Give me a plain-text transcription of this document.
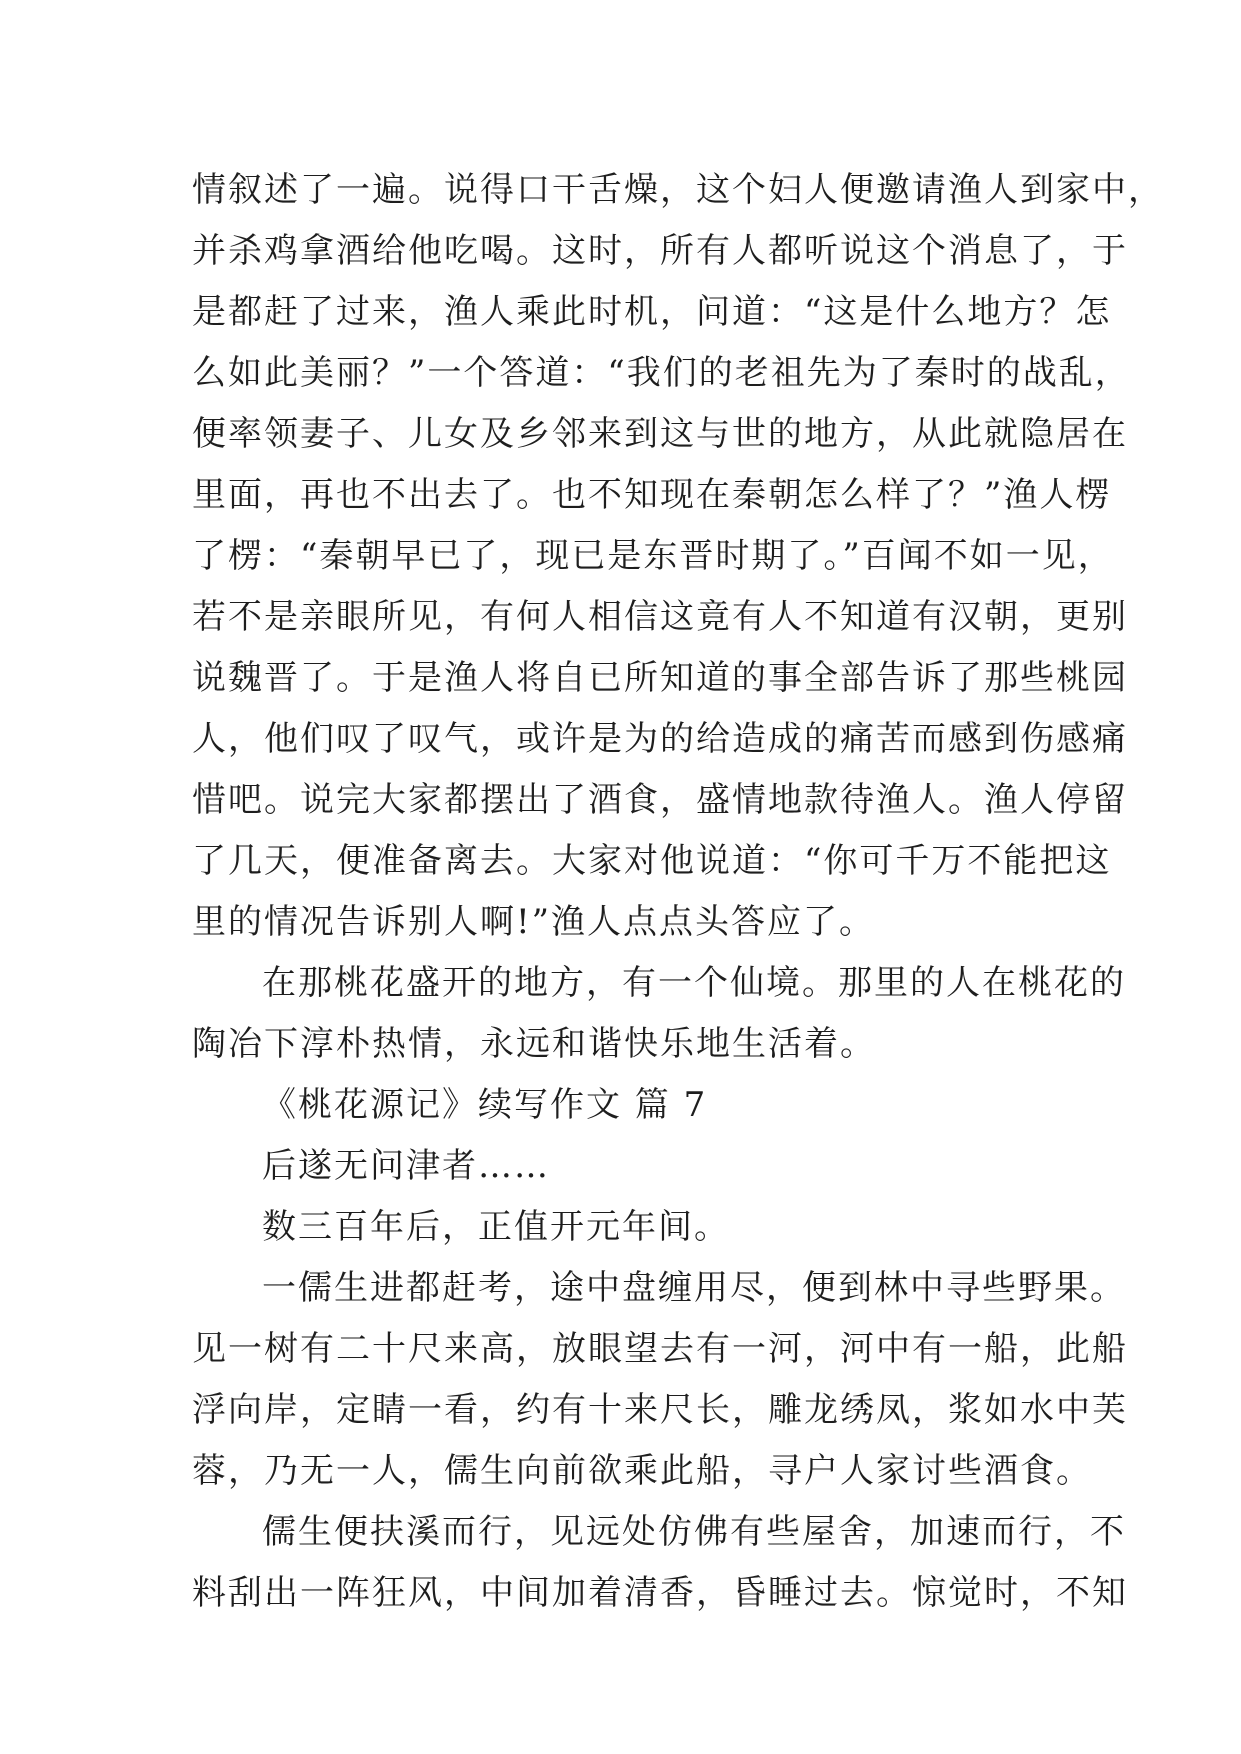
情叙述了一遍。说得口干舌燥，这个妇人便邀请渔人到家中，
并杀鸡拿酒给他吃喝。这时，所有人都听说这个消息了，于
是都赶了过来，渔人乘此时机，问道：“这是什么地方？怎
么如此美丽？”一个答道：“我们的老祖先为了秦时的战乱，
便率领妻子、儿女及乡邻来到这与世的地方，从此就隐居在
里面，再也不出去了。也不知现在秦朝怎么样了？”渔人楞
了楞：“秦朝早已了，现已是东晋时期了。”百闻不如一见，
若不是亲眼所见，有何人相信这竟有人不知道有汉朝，更别
说魏晋了。于是渔人将自已所知道的事全部告诉了那些桃园
人，他们叹了叹气，或许是为的给造成的痛苦而感到伤感痛
惜吧。说完大家都摆出了酒食，盛情地款待渔人。渔人停留
了几天，便准备离去。大家对他说道：“你可千万不能把这
里的情况告诉别人啊!”渔人点点头答应了。
在那桃花盛开的地方，有一个仙境。那里的人在桃花的
陶冶下淳朴热情，永远和谐快乐地生活着。
《桃花源记》续写作文 篇 7
后遂无问津者……
数三百年后，正值开元年间。
一儒生进都赶考，途中盘缠用尽，便到林中寻些野果。
见一树有二十尺来高，放眼望去有一河，河中有一船，此船
浮向岸，定睛一看，约有十来尺长，雕龙绣凤，浆如水中芙
蓉，乃无一人，儒生向前欲乘此船，寻户人家讨些酒食。
儒生便扶溪而行，见远处仿佛有些屋舍，加速而行，不
料刮出一阵狂风，中间加着清香，昏睡过去。惊觉时，不知
